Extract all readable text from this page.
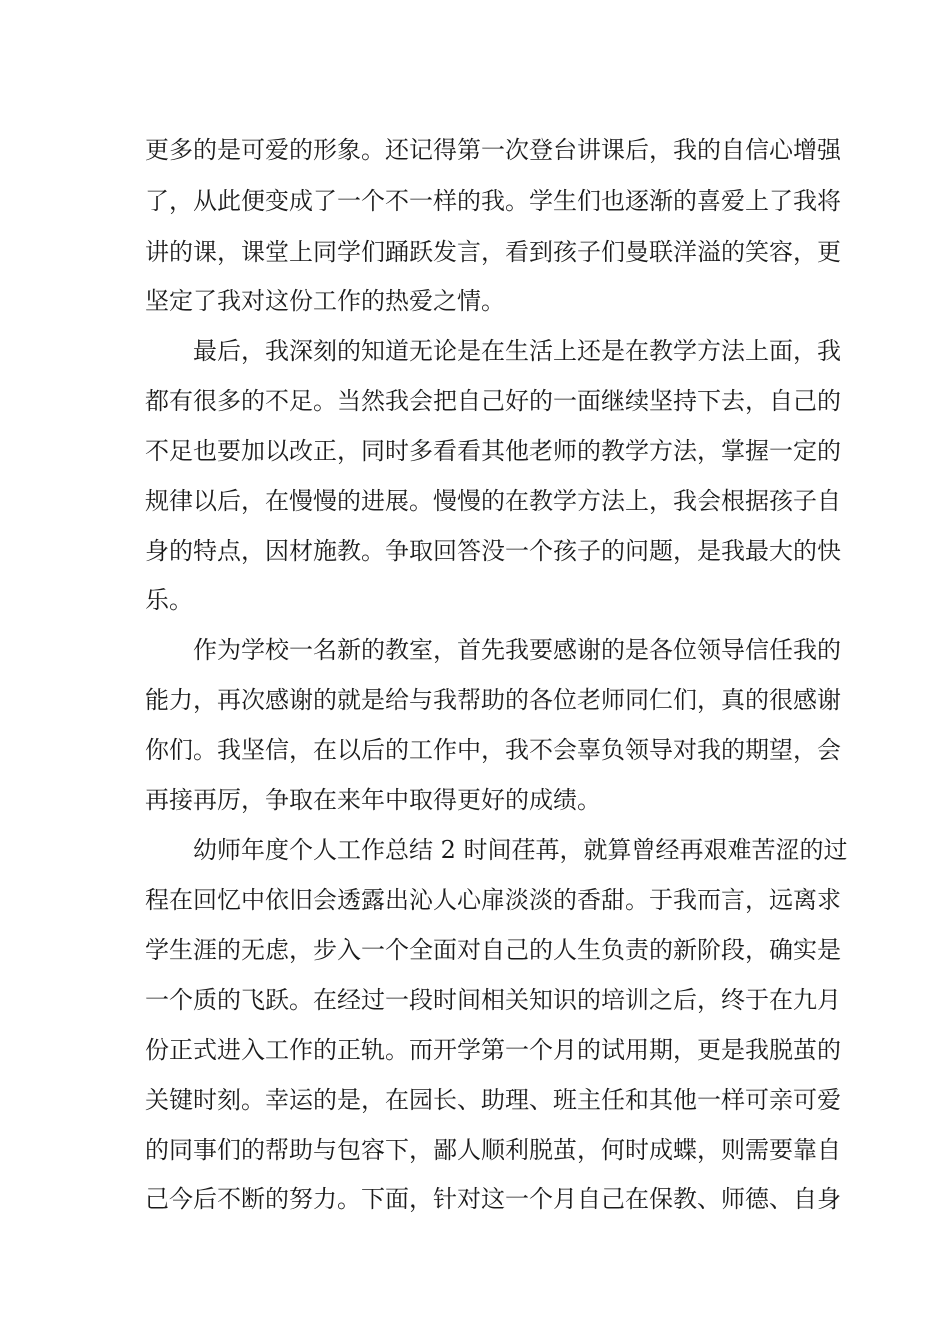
更多的是可爱的形象。还记得第一次登台讲课后，我的自信心增强
了，从此便变成了一个不一样的我。学生们也逐渐的喜爱上了我将
讲的课，课堂上同学们踊跃发言，看到孩子们曼联洋溢的笑容，更
坚定了我对这份工作的热爱之情。
最后，我深刻的知道无论是在生活上还是在教学方法上面，我
都有很多的不足。当然我会把自己好的一面继续坚持下去，自己的
不足也要加以改正，同时多看看其他老师的教学方法，掌握一定的
规律以后，在慢慢的进展。慢慢的在教学方法上，我会根据孩子自
身的特点，因材施教。争取回答没一个孩子的问题，是我最大的快
乐。
作为学校一名新的教室，首先我要感谢的是各位领导信任我的
能力，再次感谢的就是给与我帮助的各位老师同仁们，真的很感谢
你们。我坚信，在以后的工作中，我不会辜负领导对我的期望，会
再接再厉，争取在来年中取得更好的成绩。
幼师年度个人工作总结 2 时间荏苒，就算曾经再艰难苦涩的过
程在回忆中依旧会透露出沁人心扉淡淡的香甜。于我而言，远离求
学生涯的无虑，步入一个全面对自己的人生负责的新阶段，确实是
一个质的飞跃。在经过一段时间相关知识的培训之后，终于在九月
份正式进入工作的正轨。而开学第一个月的试用期，更是我脱茧的
关键时刻。幸运的是，在园长、助理、班主任和其他一样可亲可爱
的同事们的帮助与包容下，鄙人顺利脱茧，何时成蝶，则需要靠自
己今后不断的努力。下面，针对这一个月自己在保教、师德、自身
